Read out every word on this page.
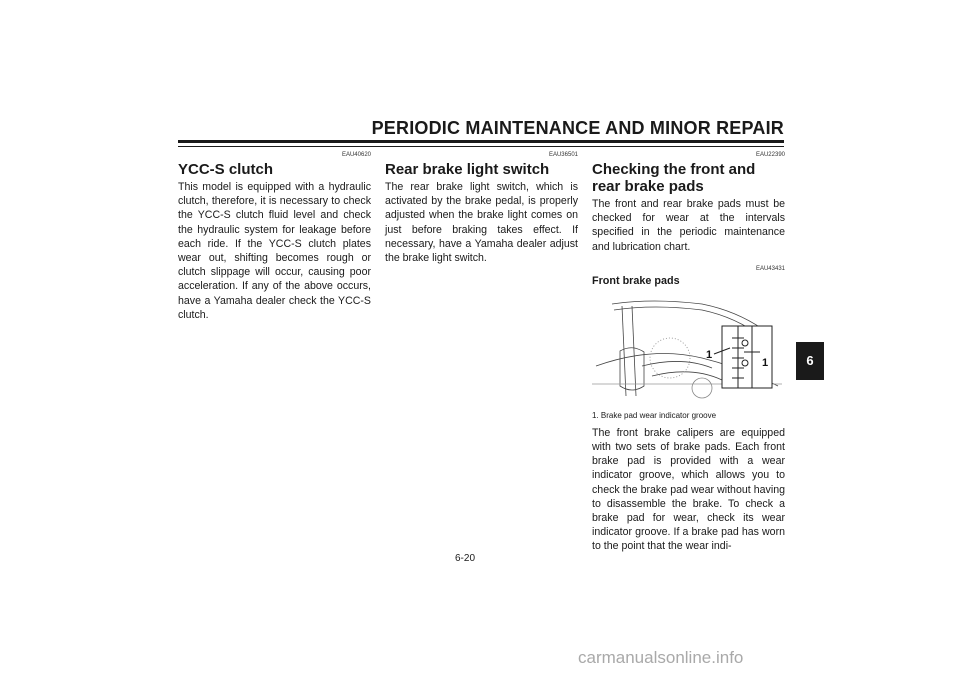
PERIODIC MAINTENANCE AND MINOR REPAIR
EAU40620
YCC-S clutch

This model is equipped with a hydraulic clutch, therefore, it is necessary to check the YCC-S clutch fluid level and check the hydraulic system for leakage before each ride. If the YCC-S clutch plates wear out, shifting becomes rough or clutch slippage will occur, causing poor acceleration. If any of the above occurs, have a Yamaha dealer check the YCC-S clutch.

EAU36501
Rear brake light switch

The rear brake light switch, which is activated by the brake pedal, is properly adjusted when the brake light comes on just before braking takes effect. If necessary, have a Yamaha dealer adjust the brake light switch.

EAU22390
Checking the front and rear brake pads

The front and rear brake pads must be checked for wear at the intervals specified in the periodic maintenance and lubrication chart.

EAU43431
Front brake pads
1
1
1. Brake pad wear indicator groove

The front brake calipers are equipped with two sets of brake pads. Each front brake pad is provided with a wear indicator groove, which allows you to check the brake pad wear without having to disassemble the brake. To check a brake pad for wear, check its wear indicator groove. If a brake pad has worn to the point that the wear indi-

6
6-20
carmanualsonline.info
